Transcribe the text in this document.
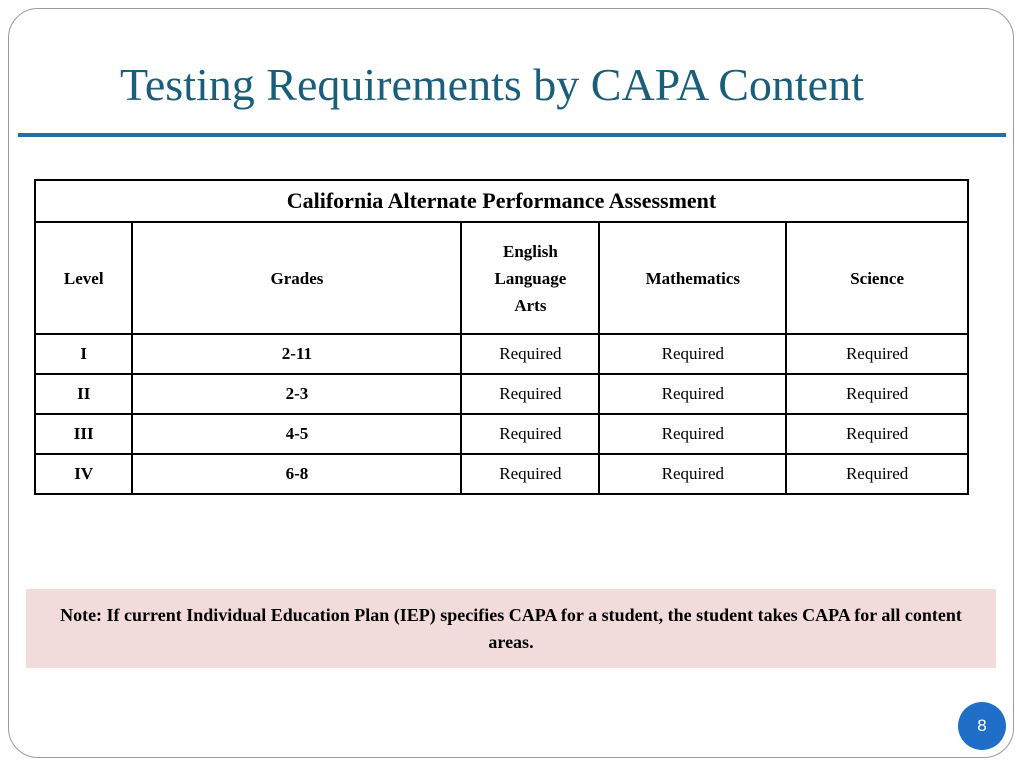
Testing Requirements by CAPA Content
California Alternate Performance Assessment				
Level	Grades	English Language Arts	Mathematics	Science
I	2-11	Required	Required	Required
II	2-3	Required	Required	Required
III	4-5	Required	Required	Required
IV	6-8	Required	Required	Required
Note: If current Individual Education Plan (IEP) specifies CAPA for a student, the student takes CAPA for all content areas.
8
